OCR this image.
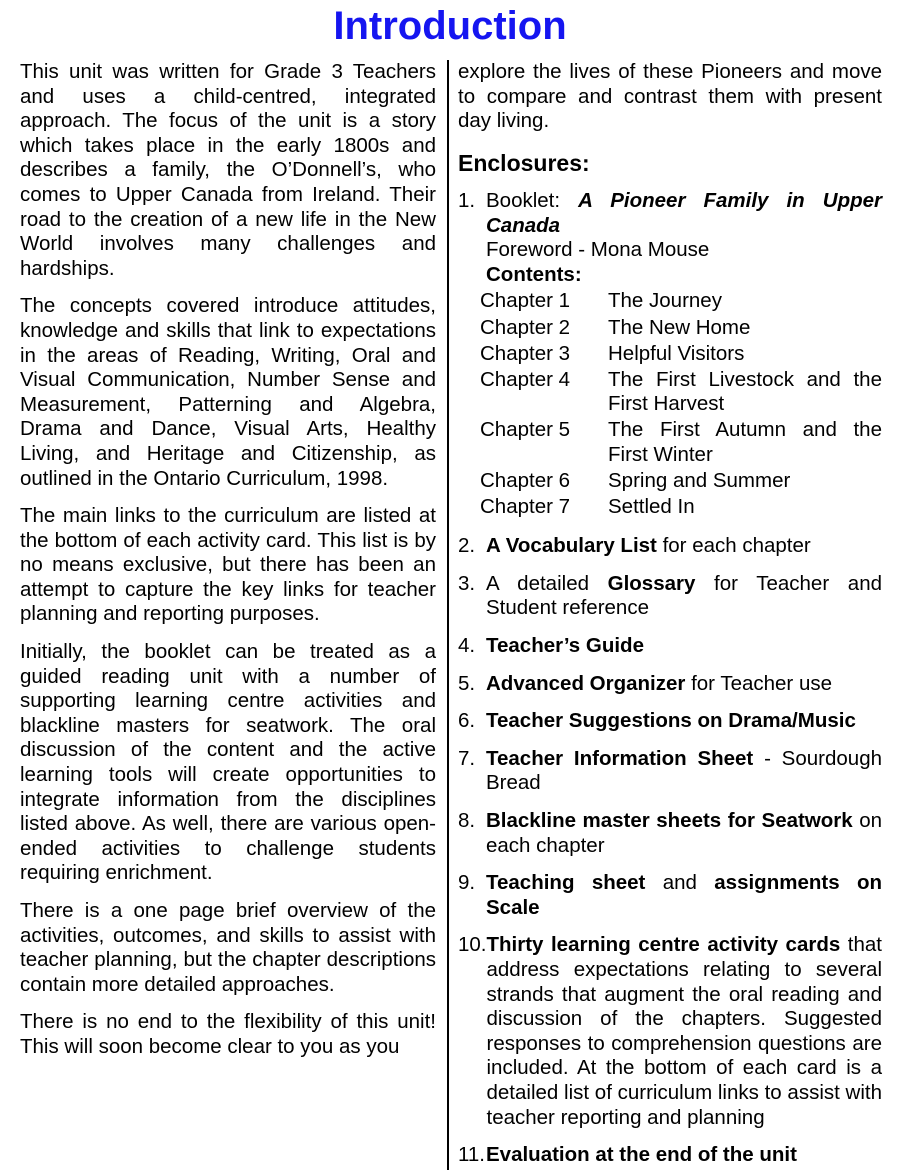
Introduction

This unit was written for Grade 3 Teachers and uses a child-centred, integrated approach. The focus of the unit is a story which takes place in the early 1800s and describes a family, the O’Donnell’s, who comes to Upper Canada from Ireland. Their road to the creation of a new life in the New World involves many challenges and hardships.

The concepts covered introduce attitudes, knowledge and skills that link to expectations in the areas of Reading, Writing, Oral and Visual Communication, Number Sense and Measurement, Patterning and Algebra, Drama and Dance, Visual Arts, Healthy Living, and Heritage and Citizenship, as outlined in the Ontario Curriculum, 1998.

The main links to the curriculum are listed at the bottom of each activity card. This list is by no means exclusive, but there has been an attempt to capture the key links for teacher planning and reporting purposes.

Initially, the booklet can be treated as a guided reading unit with a number of supporting learning centre activities and blackline masters for seatwork. The oral discussion of the content and the active learning tools will create opportunities to integrate information from the disciplines listed above. As well, there are various open-ended activities to challenge students requiring enrichment.

There is a one page brief overview of the activities, outcomes, and skills to assist with teacher planning, but the chapter descriptions contain more detailed approaches.

There is no end to the flexibility of this unit! This will soon become clear to you as you

explore the lives of these Pioneers and move to compare and contrast them with present day living.

Enclosures:
1. Booklet: A Pioneer Family in Upper Canada
Foreword - Mona Mouse
Contents:
Chapter 1	The Journey
Chapter 2	The New Home
Chapter 3	Helpful Visitors
Chapter 4	The First Livestock and the First Harvest
Chapter 5	The First Autumn and the First Winter
Chapter 6	Spring and Summer
Chapter 7	Settled In
2. A Vocabulary List for each chapter
3. A detailed Glossary for Teacher and Student reference
4. Teacher’s Guide
5. Advanced Organizer for Teacher use
6. Teacher Suggestions on Drama/Music
7. Teacher Information Sheet - Sourdough Bread
8. Blackline master sheets for Seatwork on each chapter
9. Teaching sheet and assignments on Scale
10. Thirty learning centre activity cards that address expectations relating to several strands that augment the oral reading and discussion of the chapters. Suggested responses to comprehension questions are included. At the bottom of each card is a detailed list of curriculum links to assist with teacher reporting and planning
11. Evaluation at the end of the unit
